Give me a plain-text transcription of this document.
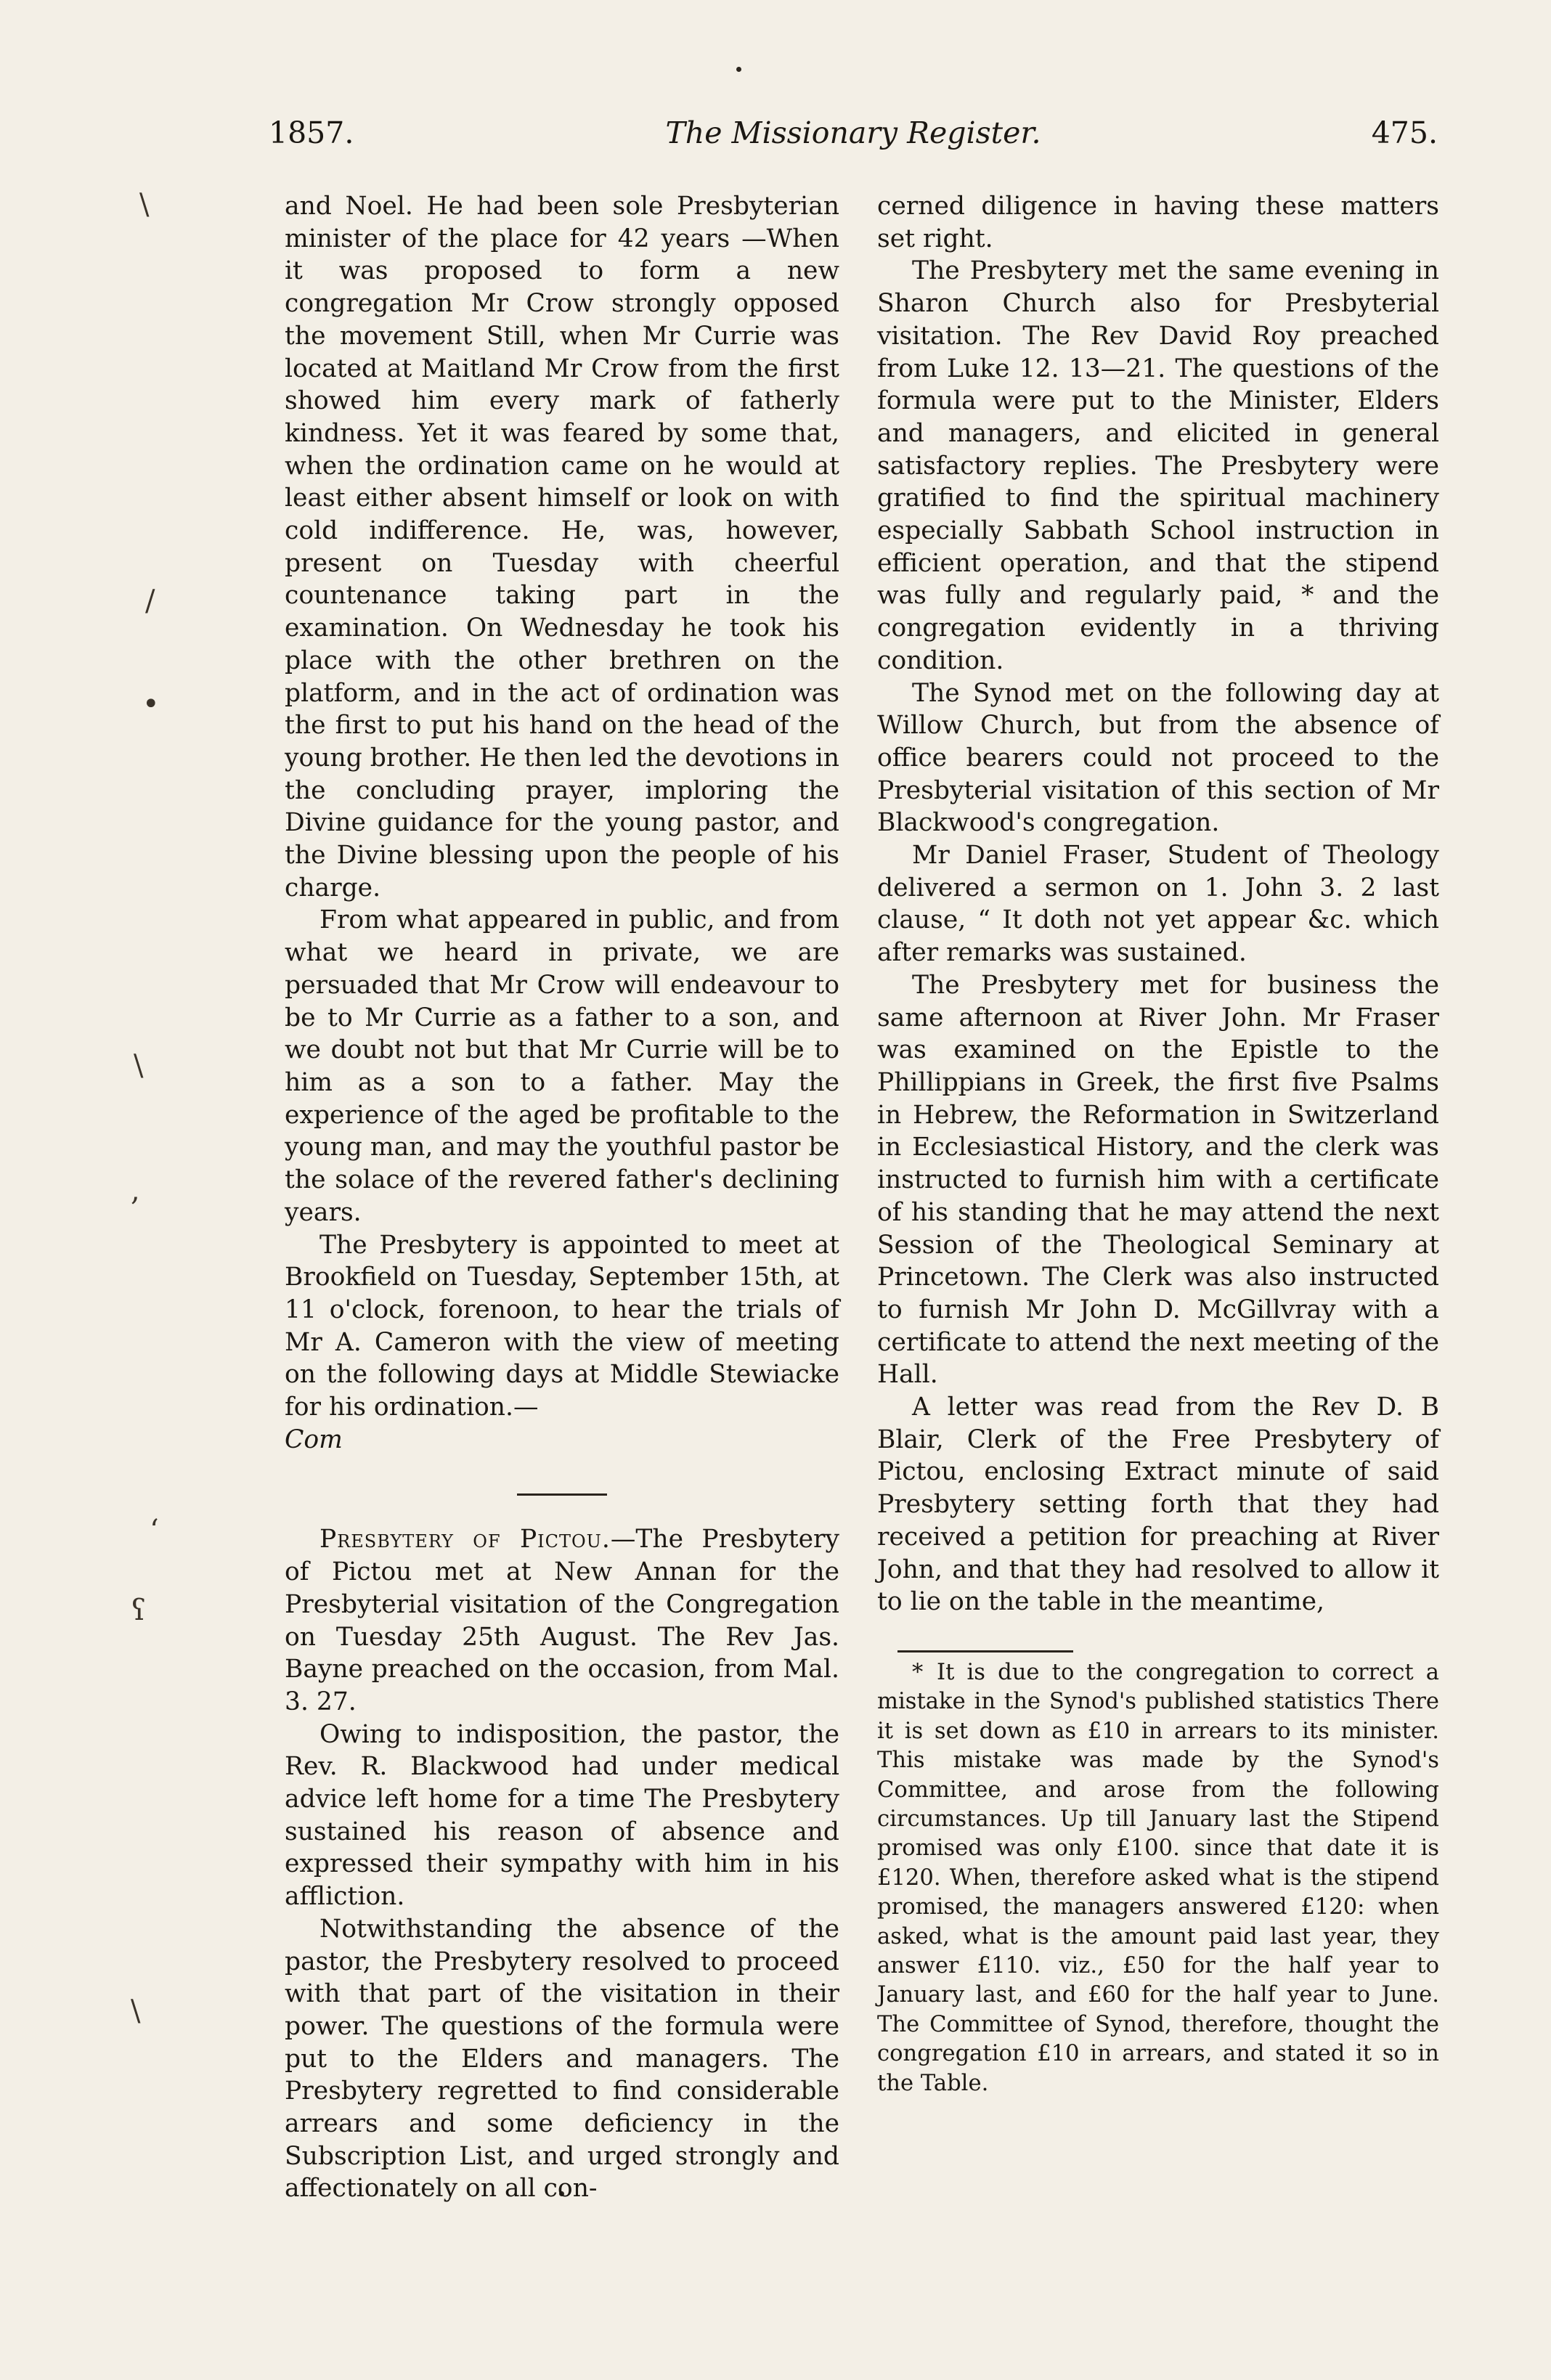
\
/
•
\
,
ʻ
ʕ
\
1857.	The Missionary Register.	475.

and Noel. He had been sole Presbyterian minister of the place for 42 years —When it was proposed to form a new congregation Mr Crow strongly opposed the movement Still, when Mr Currie was located at Maitland Mr Crow from the first showed him every mark of fatherly kindness. Yet it was feared by some that, when the ordination came on he would at least either absent himself or look on with cold indifference. He, was, however, present on Tuesday with cheerful countenance taking part in the examination. On Wednesday he took his place with the other brethren on the platform, and in the act of ordination was the first to put his hand on the head of the young brother. He then led the devotions in the concluding prayer, imploring the Divine guidance for the young pastor, and the Divine blessing upon the people of his charge.

From what appeared in public, and from what we heard in private, we are persuaded that Mr Crow will endeavour to be to Mr Currie as a father to a son, and we doubt not but that Mr Currie will be to him as a son to a father. May the experience of the aged be profitable to the young man, and may the youthful pastor be the solace of the revered father's declining years.

The Presbytery is appointed to meet at Brookfield on Tuesday, September 15th, at 11 o'clock, forenoon, to hear the trials of Mr A. Cameron with the view of meeting on the following days at Middle Stewiacke for his ordination.—

Com

Presbytery of Pictou.—The Presbytery of Pictou met at New Annan for the Presbyterial visitation of the Congregation on Tuesday 25th August. The Rev Jas. Bayne preached on the occasion, from Mal. 3. 27.

Owing to indisposition, the pastor, the Rev. R. Blackwood had under medical advice left home for a time The Presbytery sustained his reason of absence and expressed their sympathy with him in his affliction.

Notwithstanding the absence of the pastor, the Presbytery resolved to proceed with that part of the visitation in their power. The questions of the formula were put to the Elders and managers. The Presbytery regretted to find considerable arrears and some deficiency in the Subscription List, and urged strongly and affectionately on all con-

cerned diligence in having these matters set right.

The Presbytery met the same evening in Sharon Church also for Presbyterial visitation. The Rev David Roy preached from Luke 12. 13—21. The questions of the formula were put to the Minister, Elders and managers, and elicited in general satisfactory replies. The Presbytery were gratified to find the spiritual machinery especially Sabbath School instruction in efficient operation, and that the stipend was fully and regularly paid, * and the congregation evidently in a thriving condition.

The Synod met on the following day at Willow Church, but from the absence of office bearers could not proceed to the Presbyterial visitation of this section of Mr Blackwood's congregation.

Mr Daniel Fraser, Student of Theology delivered a sermon on 1. John 3. 2 last clause, “ It doth not yet appear &c. which after remarks was sustained.

The Presbytery met for business the same afternoon at River John. Mr Fraser was examined on the Epistle to the Phillippians in Greek, the first five Psalms in Hebrew, the Reformation in Switzerland in Ecclesiastical History, and the clerk was instructed to furnish him with a certificate of his standing that he may attend the next Session of the Theological Seminary at Princetown. The Clerk was also instructed to furnish Mr John D. McGillvray with a certificate to attend the next meeting of the Hall.

A letter was read from the Rev D. B Blair, Clerk of the Free Presbytery of Pictou, enclosing Extract minute of said Presbytery setting forth that they had received a petition for preaching at River John, and that they had resolved to allow it to lie on the table in the meantime,

* It is due to the congregation to correct a mistake in the Synod's published statistics There it is set down as £10 in arrears to its minister. This mistake was made by the Synod's Committee, and arose from the following circumstances. Up till January last the Stipend promised was only £100. since that date it is £120. When, therefore asked what is the stipend promised, the managers answered £120: when asked, what is the amount paid last year, they answer £110. viz., £50 for the half year to January last, and £60 for the half year to June. The Committee of Synod, therefore, thought the congregation £10 in arrears, and stated it so in the Table.
